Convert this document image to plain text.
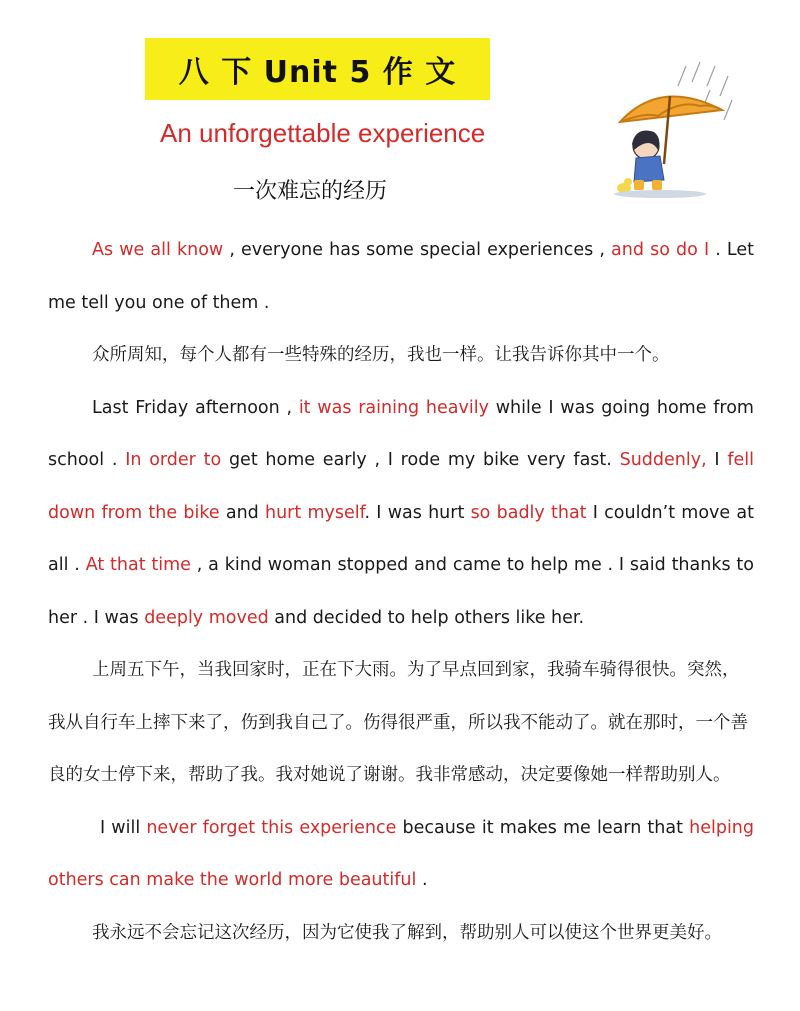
八 下 Unit 5 作 文
An unforgettable experience
一次难忘的经历

As we all know , everyone has some special experiences , and so do I . Let me tell you one of them .

众所周知，每个人都有一些特殊的经历，我也一样。让我告诉你其中一个。

Last Friday afternoon , it was raining heavily while I was going home from school . In order to get home early , I rode my bike very fast. Suddenly, I fell down from the bike and hurt myself. I was hurt so badly that I couldn’t move at all . At that time , a kind woman stopped and came to help me . I said thanks to her . I was deeply moved and decided to help others like her.

上周五下午，当我回家时，正在下大雨。为了早点回到家，我骑车骑得很快。突然，我从自行车上摔下来了，伤到我自己了。伤得很严重，所以我不能动了。就在那时，一个善良的女士停下来，帮助了我。我对她说了谢谢。我非常感动，决定要像她一样帮助别人。

I will never forget this experience because it makes me learn that helping others can make the world more beautiful .

我永远不会忘记这次经历，因为它使我了解到，帮助别人可以使这个世界更美好。
